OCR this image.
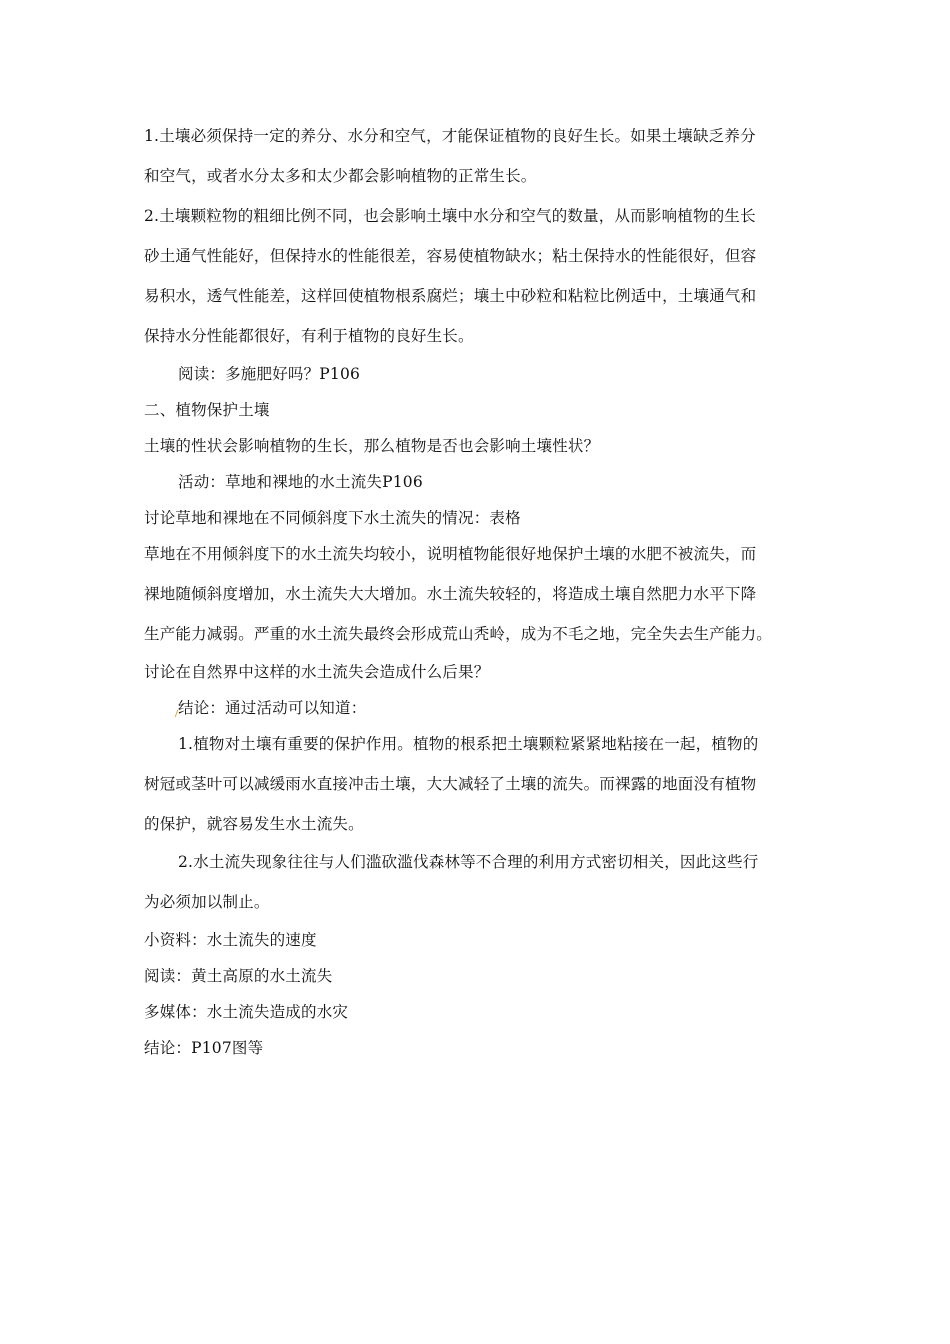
1.土壤必须保持一定的养分、水分和空气，才能保证植物的良好生长。如果土壤缺乏养分
和空气，或者水分太多和太少都会影响植物的正常生长。
2.土壤颗粒物的粗细比例不同，也会影响土壤中水分和空气的数量，从而影响植物的生长
砂土通气性能好，但保持水的性能很差，容易使植物缺水；粘土保持水的性能很好，但容
易积水，透气性能差，这样回使植物根系腐烂；壤土中砂粒和粘粒比例适中，土壤通气和
保持水分性能都很好，有利于植物的良好生长。
阅读：多施肥好吗？P106
二、植物保护土壤
土壤的性状会影响植物的生长，那么植物是否也会影响土壤性状？
活动：草地和裸地的水土流失P106
讨论草地和裸地在不同倾斜度下水土流失的情况：表格
草地在不用倾斜度下的水土流失均较小，说明植物能很好地保护土壤的水肥不被流失，而
裸地随倾斜度增加，水土流失大大增加。水土流失较轻的，将造成土壤自然肥力水平下降
生产能力减弱。严重的水土流失最终会形成荒山秃岭，成为不毛之地，完全失去生产能力。
讨论在自然界中这样的水土流失会造成什么后果？
结论：通过活动可以知道：
1.植物对土壤有重要的保护作用。植物的根系把土壤颗粒紧紧地粘接在一起，植物的
树冠或茎叶可以减缓雨水直接冲击土壤，大大减轻了土壤的流失。而裸露的地面没有植物
的保护，就容易发生水土流失。
2.水土流失现象往往与人们滥砍滥伐森林等不合理的利用方式密切相关，因此这些行
为必须加以制止。
小资料：水土流失的速度
阅读：黄土高原的水土流失
多媒体：水土流失造成的水灾
结论：P107图等
